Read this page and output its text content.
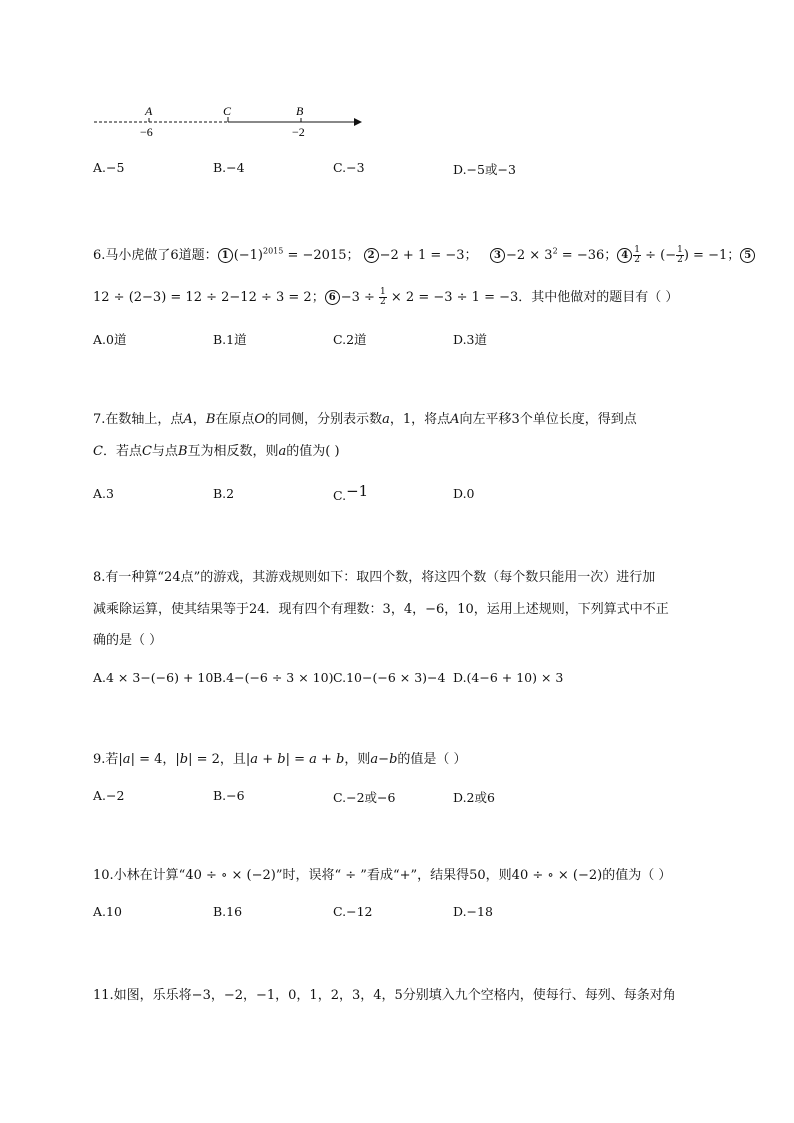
A	C	B
−6	−2
A.−5	B.−4	C.−3	D.−5或−3
6.马小虎做了6道题： 1 $(-1)^{2015} = -2015$； 2 −2 + 1 = −3； $3 -2 \times 3^2 = -36$； $4 \frac{1}{2}$ ÷ (− $\frac{1}{2}$ ) = −1； 5
12 ÷ (2−3) = 12 ÷ 2−12 ÷ 3 = 2； $6 -3 \div \frac{1}{2} \times 2 = -3 \div 1 = -3$．其中他做对的题目有（ ）
A.0道	B.1道	C.2道	D.3道
7.在数轴上，点A，B在原点O的同侧，分别表示数a，1，将点A向左平移3个单位长度，得到点
C．若点C与点B互为相反数，则a的值为( )
A.3	B.2	C.−1	D.0
8.有一种算“24点”的游戏，其游戏规则如下：取四个数，将这四个数（每个数只能用一次）进行加
减乘除运算，使其结果等于24．现有四个有理数：3，4，−6，10，运用上述规则，下列算式中不正
确的是（ ）
A.4 × 3−(−6) + 10 B.4−(−6 ÷ 3 × 10) C.10−(−6 × 3)−4 D.(4−6 + 10) × 3
9.若|a| = 4，|b| = 2，且|a + b| = a + b，则a−b的值是（ ）
A.−2	B.−6	C.−2或−6	D.2或6
10.小林在计算“40 ÷ ∘ × (−2)”时，误将“ ÷ ”看成“+”，结果得50，则40 ÷ ∘ × (−2)的值为（ ）
A.10	B.16	C.−12	D.−18
11.如图，乐乐将−3，−2，−1，0，1，2，3，4，5分别填入九个空格内，使每行、每列、每条对角
